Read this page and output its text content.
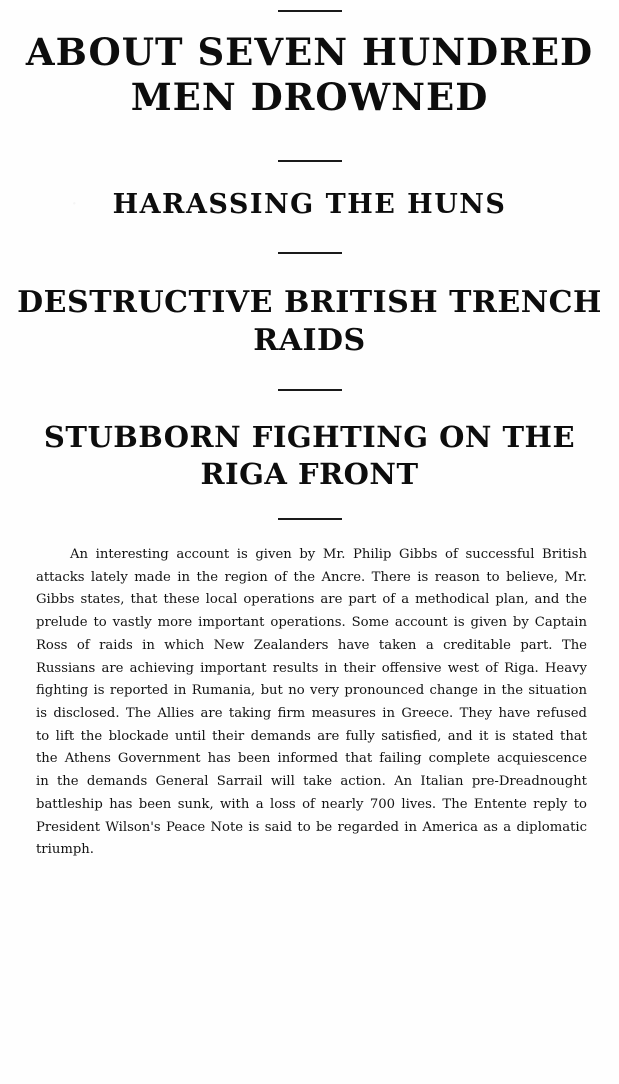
ABOUT SEVEN HUNDRED MEN DROWNED
HARASSING THE HUNS
DESTRUCTIVE BRITISH TRENCH RAIDS
STUBBORN FIGHTING ON THE RIGA FRONT

An interesting account is given by Mr. Philip Gibbs of successful British attacks lately made in the region of the Ancre. There is reason to believe, Mr. Gibbs states, that these local operations are part of a methodical plan, and the prelude to vastly more important operations. Some account is given by Captain Ross of raids in which New Zealanders have taken a creditable part. The Russians are achieving important results in their offensive west of Riga. Heavy fighting is reported in Rumania, but no very pronounced change in the situation is disclosed. The Allies are taking firm measures in Greece. They have refused to lift the blockade until their demands are fully satisfied, and it is stated that the Athens Government has been informed that failing complete acquiescence in the demands General Sarrail will take action. An Italian pre-Dreadnought battleship has been sunk, with a loss of nearly 700 lives. The Entente reply to President Wilson's Peace Note is said to be regarded in America as a diplomatic triumph.
